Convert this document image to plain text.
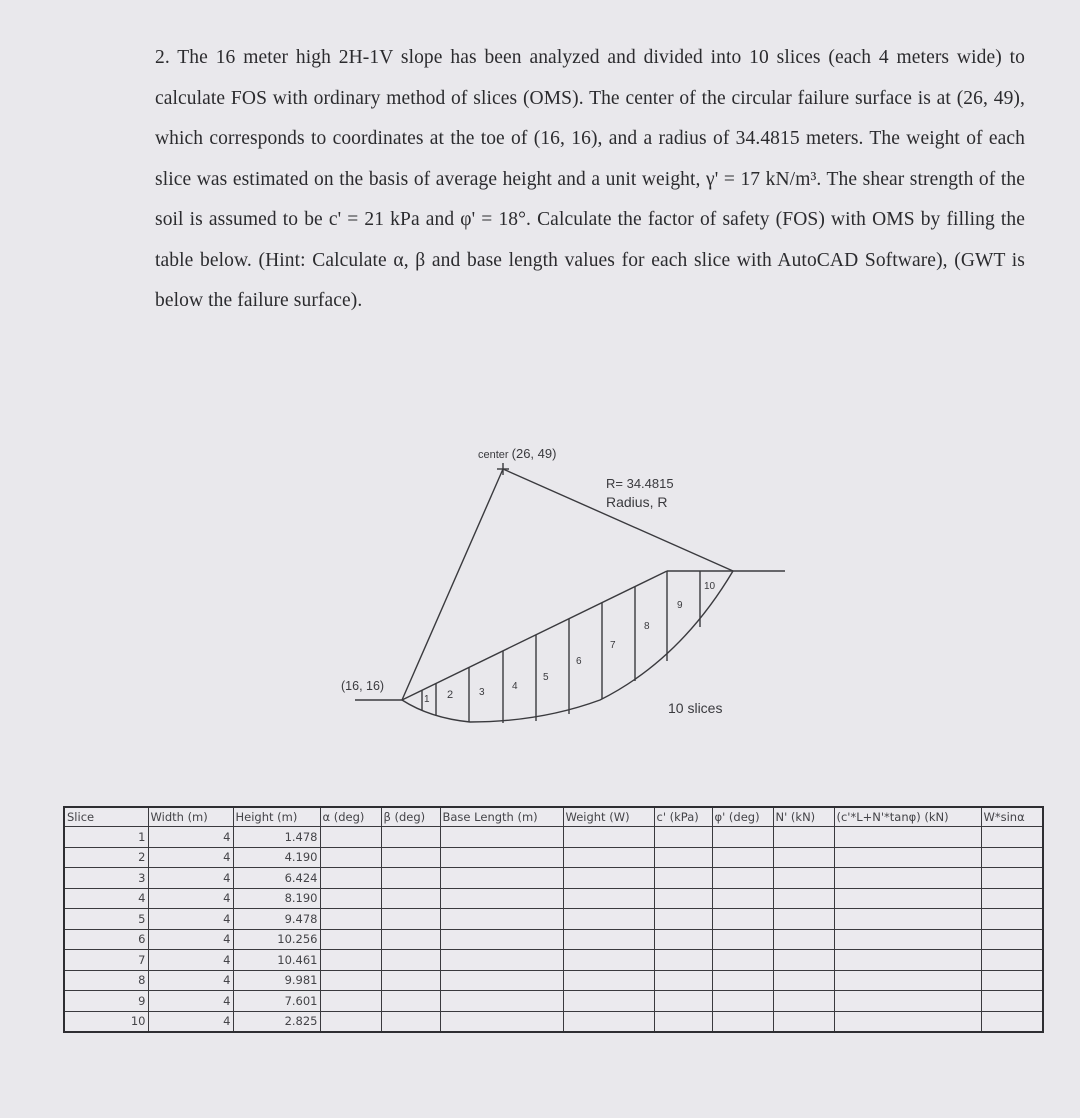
2. The 16 meter high 2H-1V slope has been analyzed and divided into 10 slices (each 4 meters wide) to calculate FOS with ordinary method of slices (OMS). The center of the circular failure surface is at (26, 49), which corresponds to coordinates at the toe of (16, 16), and a radius of 34.4815 meters. The weight of each slice was estimated on the basis of average height and a unit weight, γ' = 17 kN/m³. The shear strength of the soil is assumed to be c' = 21 kPa and φ' = 18°. Calculate the factor of safety (FOS) with OMS by filling the table below. (Hint: Calculate α, β and base length values for each slice with AutoCAD Software), (GWT is below the failure surface).

center (26, 49)
R= 34.4815
Radius, R
(16, 16)
10 slices
1 2	3
4
5
6
7
8
9
10
Slice	Width (m)	Height (m)	α (deg)	β (deg)	Base Length (m)	Weight (W)	c' (kPa)	φ' (deg)	N' (kN)	(c'*L+N'*tanφ) (kN)	W*sinα
1	4	1.478									
2	4	4.190									
3	4	6.424									
4	4	8.190									
5	4	9.478									
6	4	10.256									
7	4	10.461									
8	4	9.981									
9	4	7.601									
10	4	2.825									
